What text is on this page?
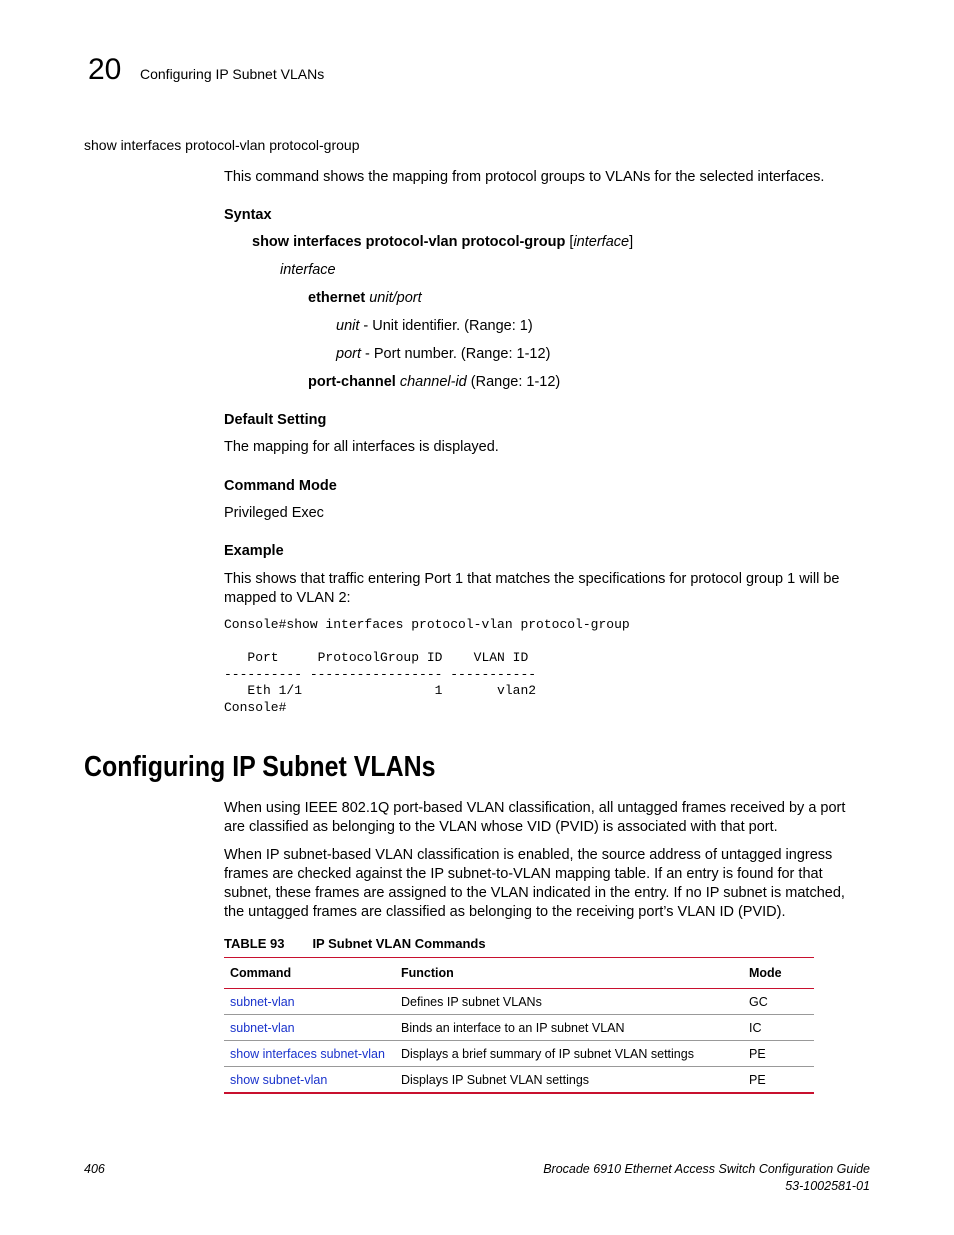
20 Configuring IP Subnet VLANs
show interfaces protocol-vlan protocol-group
This command shows the mapping from protocol groups to VLANs for the selected interfaces.
Syntax
show interfaces protocol-vlan protocol-group [interface]
interface
ethernet unit/port
unit - Unit identifier. (Range: 1)
port - Port number. (Range: 1-12)
port-channel channel-id (Range: 1-12)
Default Setting
The mapping for all interfaces is displayed.
Command Mode
Privileged Exec
Example
This shows that traffic entering Port 1 that matches the specifications for protocol group 1 will be mapped to VLAN 2:
Console#show interfaces protocol-vlan protocol-group

Port     ProtocolGroup ID    VLAN ID
---------- ----------------- -----------
Eth 1/1                 1       vlan2
Console#
Configuring IP Subnet VLANs
When using IEEE 802.1Q port-based VLAN classification, all untagged frames received by a port are classified as belonging to the VLAN whose VID (PVID) is associated with that port.
When IP subnet-based VLAN classification is enabled, the source address of untagged ingress frames are checked against the IP subnet-to-VLAN mapping table. If an entry is found for that subnet, these frames are assigned to the VLAN indicated in the entry. If no IP subnet is matched, the untagged frames are classified as belonging to the receiving port’s VLAN ID (PVID).
TABLE 93 IP Subnet VLAN Commands
Command	Function	Mode
subnet-vlan	Defines IP subnet VLANs	GC
subnet-vlan	Binds an interface to an IP subnet VLAN	IC
show interfaces subnet-vlan	Displays a brief summary of IP subnet VLAN settings	PE
show subnet-vlan	Displays IP Subnet VLAN settings	PE
406	Brocade 6910 Ethernet Access Switch Configuration Guide
53-1002581-01
